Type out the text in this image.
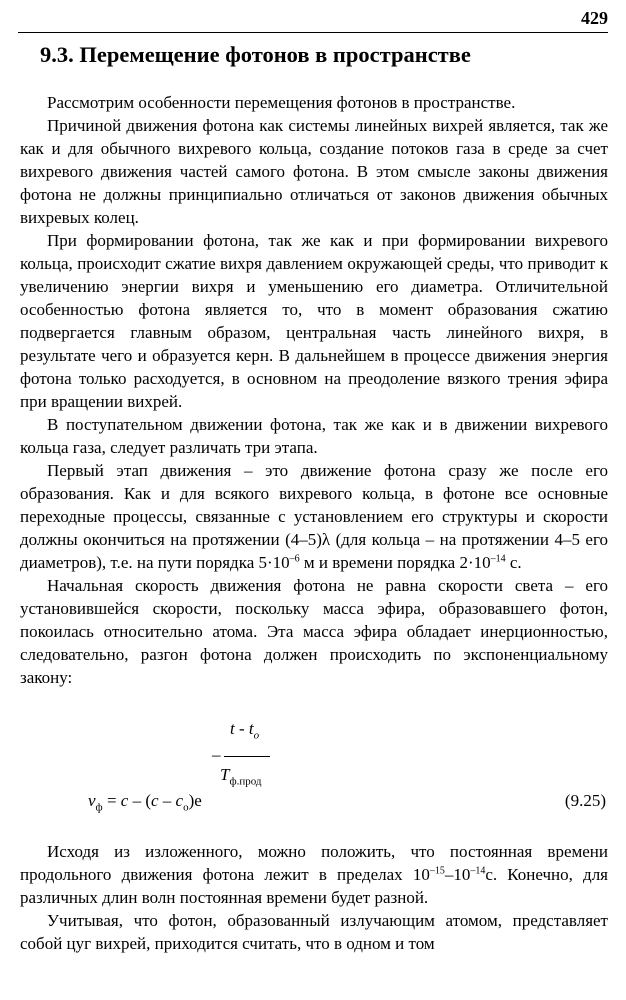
429
9.3. Перемещение фотонов в пространстве

Рассмотрим особенности перемещения фотонов в пространстве.

Причиной движения фотона как системы линейных вихрей является, так же как и для обычного вихревого кольца, создание потоков газа в среде за счет вихревого движения частей самого фотона. В этом смысле законы движения фотона не должны принципиально отличаться от законов движения обычных вихревых колец.

При формировании фотона, так же как и при формировании вихревого кольца, происходит сжатие вихря давлением окружающей среды, что приводит к увеличению энергии вихря и уменьшению его диаметра. Отличительной особенностью фотона является то, что в момент образования сжатию подвергается главным образом, центральная часть линейного вихря, в результате чего и образуется керн. В дальнейшем в процессе движения энергия фотона только расходуется, в основном на преодоление вязкого трения эфира при вращении вихрей.

В поступательном движении фотона, так же как и в движении вихревого кольца газа, следует различать три этапа.

Первый этап движения – это движение фотона сразу же после его образования. Как и для всякого вихревого кольца, в фотоне все основные переходные процессы, связанные с установлением его структуры и скорости должны окончиться на протяжении (4–5)λ (для кольца – на протяжении 4–5 его диаметров), т.е. на пути порядка $5\cdot 10^{-6}$ м и времени порядка $2\cdot 10^{-14}$ с.

Начальная скорость движения фотона не равна скорости света – его установившейся скорости, поскольку масса эфира, образовавшего фотон, покоилась относительно атома. Эта масса эфира обладает инерционностью, следовательно, разгон фотона должен происходить по экспоненциальному закону:

t - $t_o$
–
$T_{ф.прод}$
$v_ф = c - (c - c_o)e$	(9.25)

Исходя из изложенного, можно положить, что постоянная времени продольного движения фотона лежит в пределах $10^{-15}-10^{-14}с$. Конечно, для различных длин волн постоянная времени будет разной.

Учитывая, что фотон, образованный излучающим атомом, представляет собой цуг вихрей, приходится считать, что в одном и том
